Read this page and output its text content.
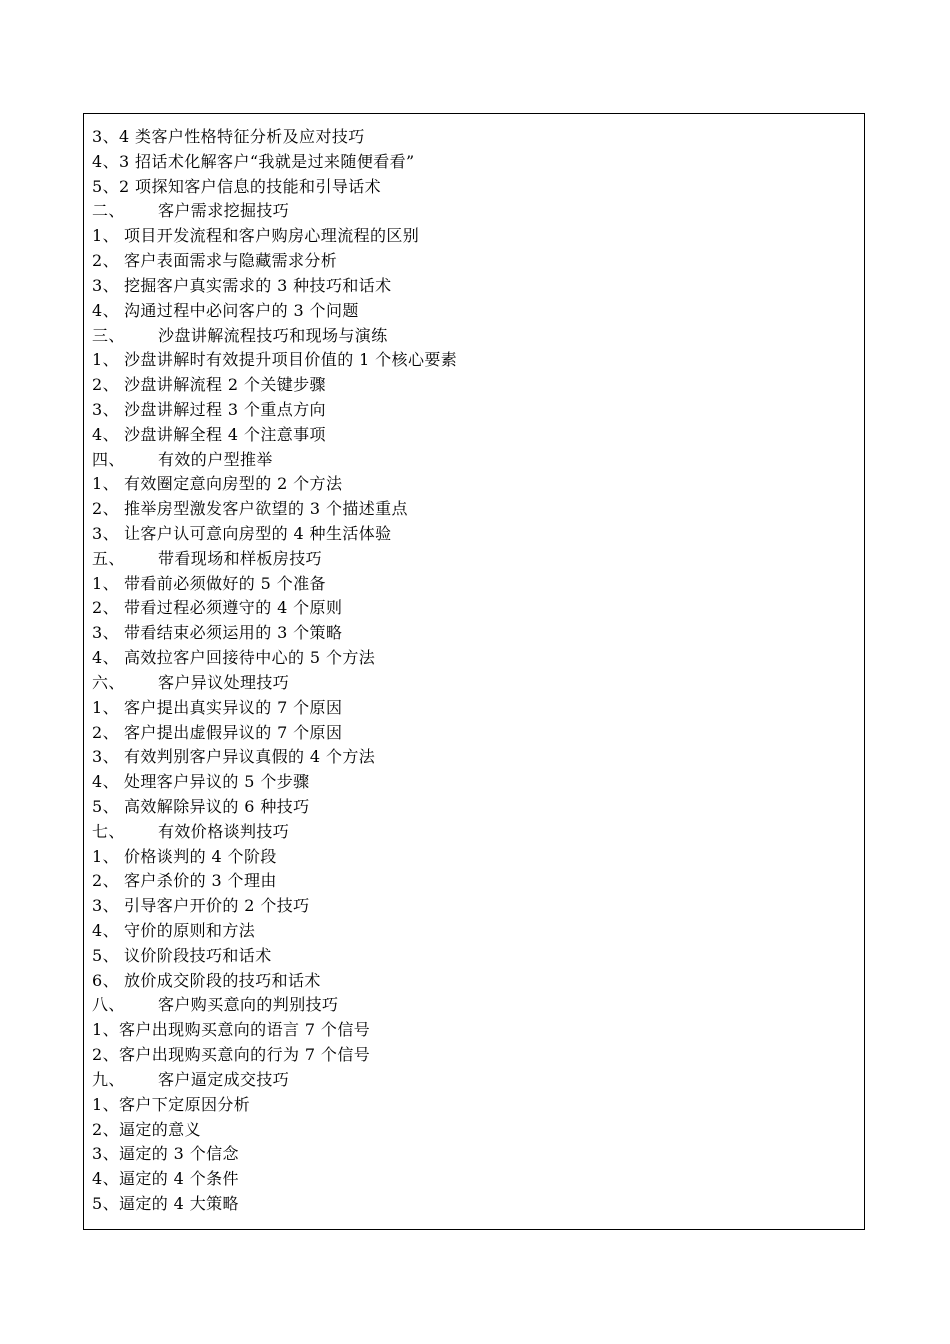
3、4 类客户性格特征分析及应对技巧
4、3 招话术化解客户“我就是过来随便看看”
5、2 项探知客户信息的技能和引导话术
二、 客户需求挖掘技巧
1、 项目开发流程和客户购房心理流程的区别
2、 客户表面需求与隐藏需求分析
3、 挖掘客户真实需求的 3 种技巧和话术
4、 沟通过程中必问客户的 3 个问题
三、 沙盘讲解流程技巧和现场与演练
1、 沙盘讲解时有效提升项目价值的 1 个核心要素
2、 沙盘讲解流程 2 个关键步骤
3、 沙盘讲解过程 3 个重点方向
4、 沙盘讲解全程 4 个注意事项
四、 有效的户型推举
1、 有效圈定意向房型的 2 个方法
2、 推举房型激发客户欲望的 3 个描述重点
3、 让客户认可意向房型的 4 种生活体验
五、 带看现场和样板房技巧
1、 带看前必须做好的 5 个准备
2、 带看过程必须遵守的 4 个原则
3、 带看结束必须运用的 3 个策略
4、 高效拉客户回接待中心的 5 个方法
六、 客户异议处理技巧
1、 客户提出真实异议的 7 个原因
2、 客户提出虚假异议的 7 个原因
3、 有效判别客户异议真假的 4 个方法
4、 处理客户异议的 5 个步骤
5、 高效解除异议的 6 种技巧
七、 有效价格谈判技巧
1、 价格谈判的 4 个阶段
2、 客户杀价的 3 个理由
3、 引导客户开价的 2 个技巧
4、 守价的原则和方法
5、 议价阶段技巧和话术
6、 放价成交阶段的技巧和话术
八、 客户购买意向的判别技巧
1、客户出现购买意向的语言 7 个信号
2、客户出现购买意向的行为 7 个信号
九、 客户逼定成交技巧
1、客户下定原因分析
2、逼定的意义
3、逼定的 3 个信念
4、逼定的 4 个条件
5、逼定的 4 大策略
